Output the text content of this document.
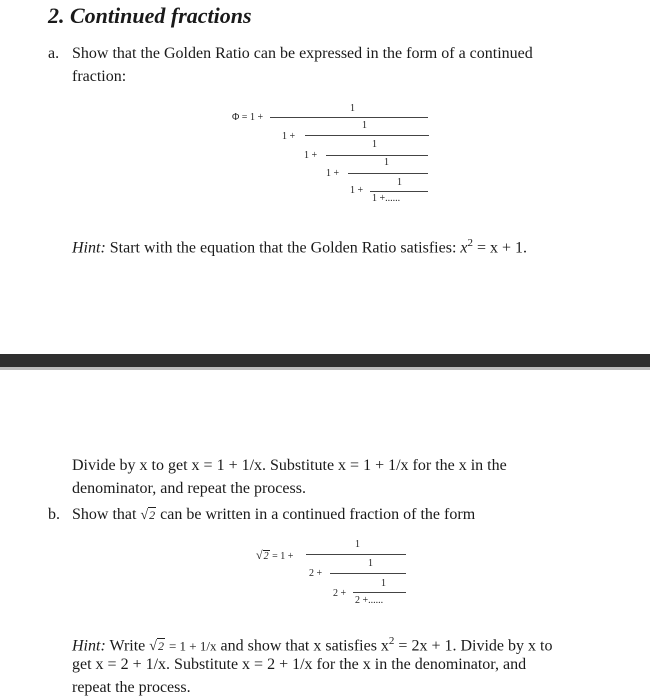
2. Continued fractions
a. Show that the Golden Ratio can be expressed in the form of a continued
fraction:
Φ = 1 +
1
1 +
1
1 +
1
1 +
1
1 +
1
1 +......
Hint: Start with the equation that the Golden Ratio satisfies: $x^2 = x + 1$.
Divide by x to get x = 1 + 1/x. Substitute x = 1 + 1/x for the x in the
denominator, and repeat the process.
b. Show that √2 can be written in a continued fraction of the form
√2 = 1 +
1
2 +
1
2 +
1
2 +......
Hint: Write √2 = 1 + 1/x and show that x satisfies $x^2 = 2x + 1$. Divide by x to
get x = 2 + 1/x. Substitute x = 2 + 1/x for the x in the denominator, and
repeat the process.
